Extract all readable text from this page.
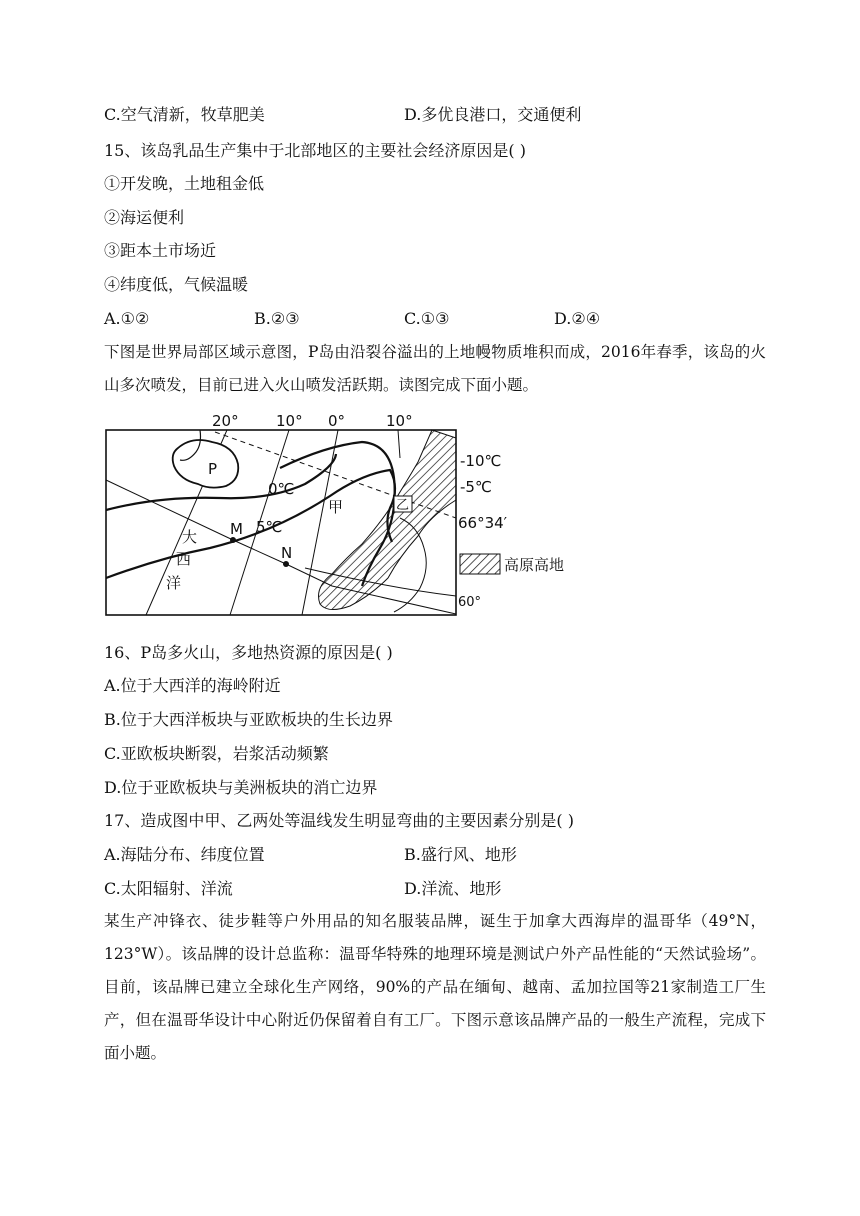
C.空气清新，牧草肥美	D.多优良港口，交通便利
15、该岛乳品生产集中于北部地区的主要社会经济原因是( )
①开发晚，土地租金低
②海运便利
③距本土市场近
④纬度低，气候温暖
A.①②	B.②③	C.①③	D.②④
下图是世界局部区域示意图，P岛由沿裂谷溢出的上地幔物质堆积而成，2016年春季，该岛的火山多次喷发，目前已进入火山喷发活跃期。读图完成下面小题。
20° 10° 0°	10°
-10℃
-5℃
66°34′
60°
0℃
5℃
P
M
N
甲	乙
大
西
洋
高原高地
16、P岛多火山，多地热资源的原因是( )
A.位于大西洋的海岭附近
B.位于大西洋板块与亚欧板块的生长边界
C.亚欧板块断裂，岩浆活动频繁
D.位于亚欧板块与美洲板块的消亡边界
17、造成图中甲、乙两处等温线发生明显弯曲的主要因素分别是( )
A.海陆分布、纬度位置	B.盛行风、地形
C.太阳辐射、洋流	D.洋流、地形
某生产冲锋衣、徒步鞋等户外用品的知名服装品牌，诞生于加拿大西海岸的温哥华（49°N，123°W）。该品牌的设计总监称：温哥华特殊的地理环境是测试户外产品性能的“天然试验场”。目前，该品牌已建立全球化生产网络，90%的产品在缅甸、越南、孟加拉国等21家制造工厂生产，但在温哥华设计中心附近仍保留着自有工厂。下图示意该品牌产品的一般生产流程，完成下面小题。
